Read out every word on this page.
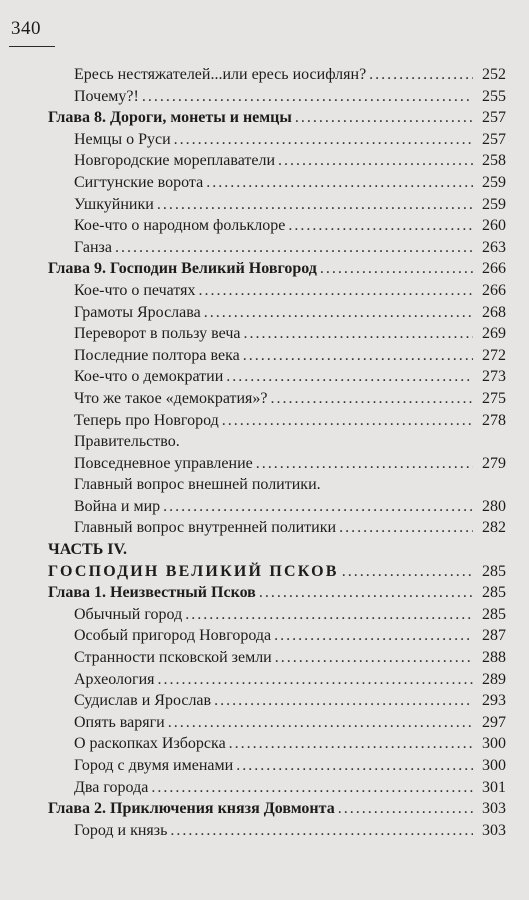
340
Ересь нестяжателей...или ересь иосифлян? . . .	252
Почему?! . . .	255
Глава 8. Дороги, монеты и немцы . . .	257
Немцы о Руси . . .	257
Новгородские мореплаватели . . .	258
Сигтунские ворота . . .	259
Ушкуйники . . .	259
Кое-что о народном фольклоре . . .	260
Ганза . . .	263
Глава 9. Господин Великий Новгород . . .	266
Кое-что о печатях . . .	266
Грамоты Ярослава . . .	268
Переворот в пользу веча . . .	269
Последние полтора века . . .	272
Кое-что о демократии . . .	273
Что же такое «демократия»? . . .	275
Теперь про Новгород . . .	278
Правительство.
Повседневное управление . . .	279
Главный вопрос внешней политики.
Война и мир . . .	280
Главный вопрос внутренней политики . . .	282
ЧАСТЬ IV.
ГОСПОДИН ВЕЛИКИЙ ПСКОВ . . .	285
Глава 1. Неизвестный Псков . . .	285
Обычный город . . .	285
Особый пригород Новгорода . . .	287
Странности псковской земли . . .	288
Археология . . .	289
Судислав и Ярослав . . .	293
Опять варяги . . .	297
О раскопках Изборска . . .	300
Город с двумя именами . . .	300
Два города . . .	301
Глава 2. Приключения князя Довмонта . . .	303
Город и князь . . .	303
